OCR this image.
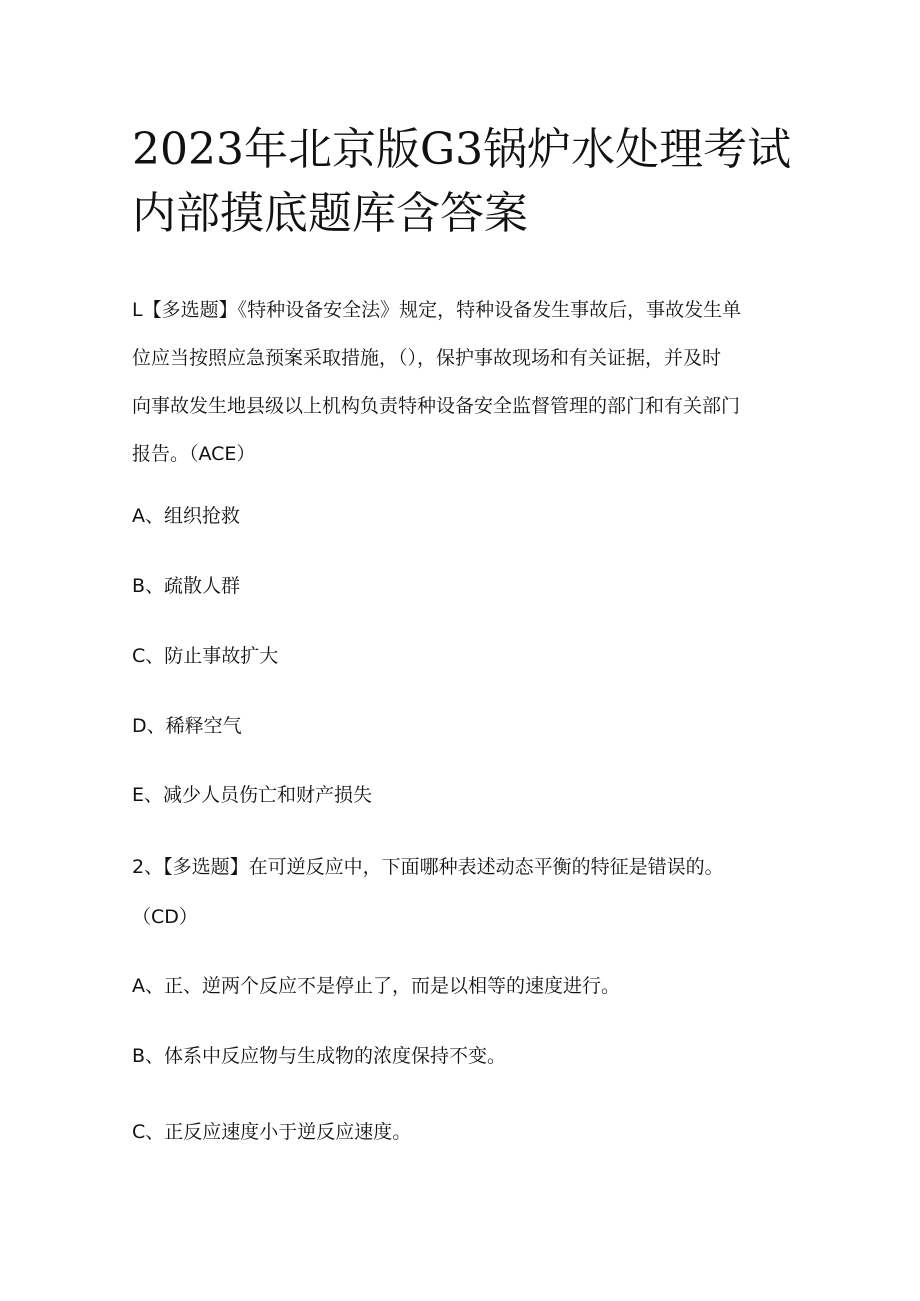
2023年北京版G3锅炉水处理考试
内部摸底题库含答案

L【多选题】《特种设备安全法》规定，特种设备发生事故后，事故发生单
位应当按照应急预案采取措施，（），保护事故现场和有关证据，并及时
向事故发生地县级以上机构负责特种设备安全监督管理的部门和有关部门
报告。（ACE）

A、组织抢救

B、疏散人群

C、防止事故扩大

D、稀释空气

E、减少人员伤亡和财产损失

2、【多选题】在可逆反应中，下面哪种表述动态平衡的特征是错误的。
（CD）

A、正、逆两个反应不是停止了，而是以相等的速度进行。

B、体系中反应物与生成物的浓度保持不变。

C、正反应速度小于逆反应速度。
